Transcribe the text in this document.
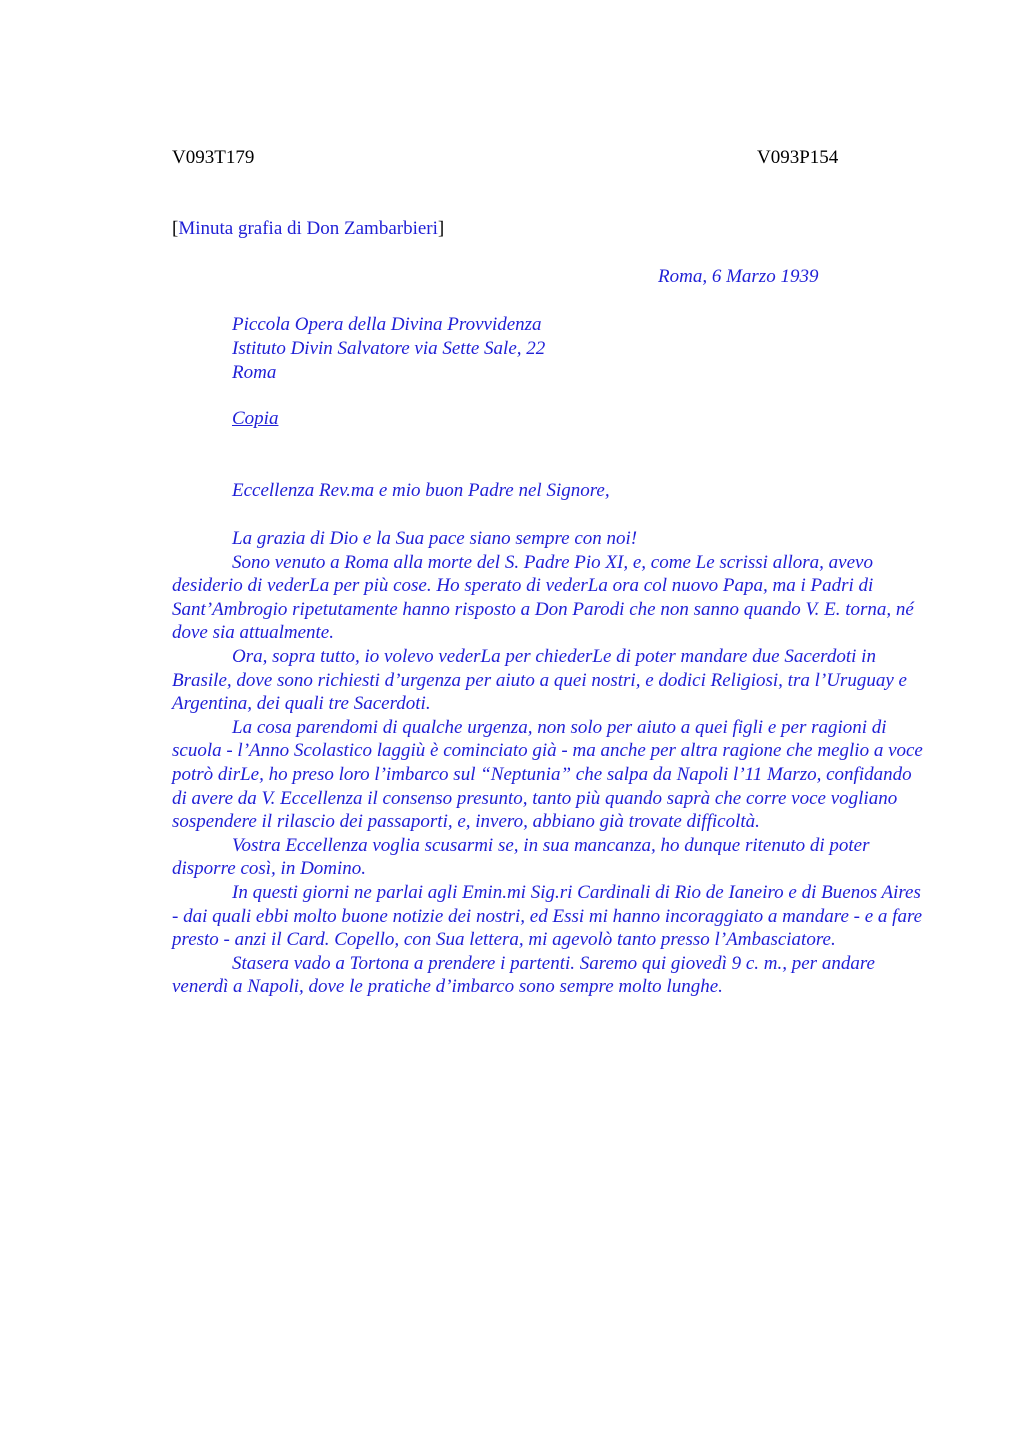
V093T179	V093P154
[Minuta grafia di Don Zambarbieri]
Roma, 6 Marzo 1939
Piccola Opera della Divina Provvidenza
Istituto Divin Salvatore via Sette Sale, 22
Roma
Copia
Eccellenza Rev.ma e mio buon Padre nel Signore,

La grazia di Dio e la Sua pace siano sempre con noi!

Sono venuto a Roma alla morte del S. Padre Pio XI, e, come Le scrissi allora, avevo desiderio di vederLa per più cose. Ho sperato di vederLa ora col nuovo Papa, ma i Padri di Sant’Ambrogio ripetutamente hanno risposto a Don Parodi che non sanno quando V. E. torna, né dove sia attualmente.

Ora, sopra tutto, io volevo vederLa per chiederLe di poter mandare due Sacerdoti in Brasile, dove sono richiesti d’urgenza per aiuto a quei nostri, e dodici Religiosi, tra l’Uruguay e Argentina, dei quali tre Sacerdoti.

La cosa parendomi di qualche urgenza, non solo per aiuto a quei figli e per ragioni di scuola - l’Anno Scolastico laggiù è cominciato già - ma anche per altra ragione che meglio a voce potrò dirLe, ho preso loro l’imbarco sul “Neptunia” che salpa da Napoli l’11 Marzo, confidando di avere da V. Eccellenza il consenso presunto, tanto più quando saprà che corre voce vogliano sospendere il rilascio dei passaporti, e, invero, abbiano già trovate difficoltà.

Vostra Eccellenza voglia scusarmi se, in sua mancanza, ho dunque ritenuto di poter disporre così, in Domino.

In questi giorni ne parlai agli Emin.mi Sig.ri Cardinali di Rio de Ianeiro e di Buenos Aires - dai quali ebbi molto buone notizie dei nostri, ed Essi mi hanno incoraggiato a mandare - e a fare presto - anzi il Card. Copello, con Sua lettera, mi agevolò tanto presso l’Ambasciatore.

Stasera vado a Tortona a prendere i partenti. Saremo qui giovedì 9 c. m., per andare venerdì a Napoli, dove le pratiche d’imbarco sono sempre molto lunghe.
